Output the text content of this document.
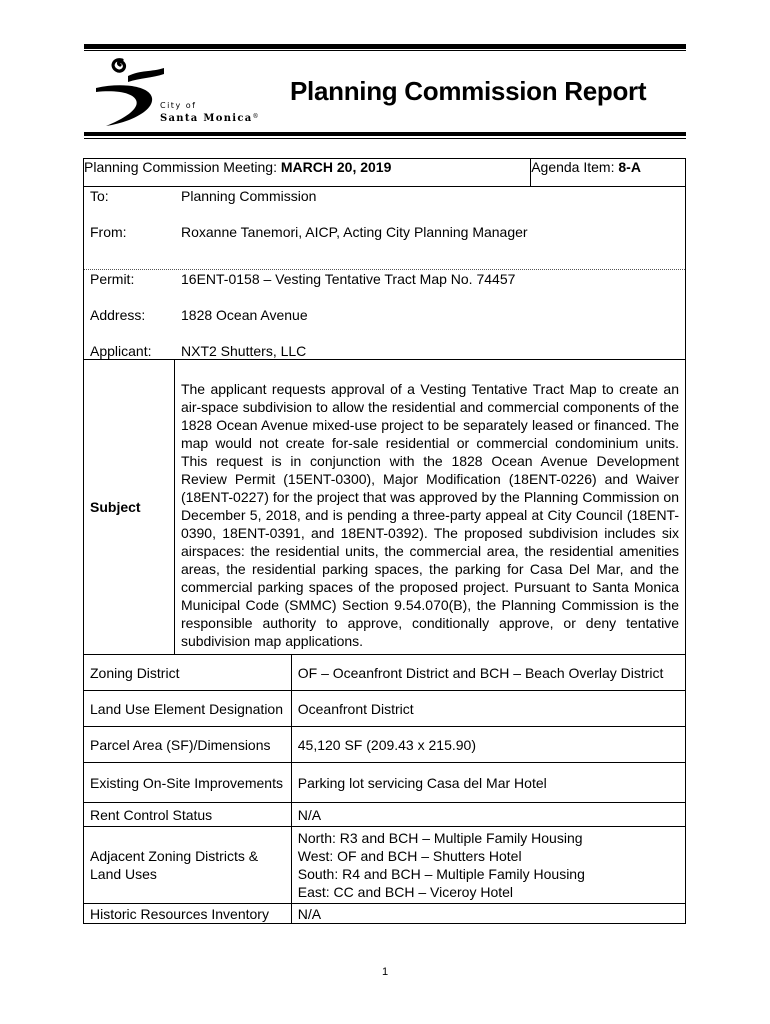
City of
Santa Monica®
Planning Commission Report
Planning Commission Meeting: MARCH 20, 2019			Agenda Item: 8-A

To: Planning Commission
From: Roxanne Tanemori, AICP, Acting City Planning Manager
Permit: 16ENT-0158 – Vesting Tentative Tract Map No. 74457
Address: 1828 Ocean Avenue
Applicant: NXT2 Shutters, LLC			

Subject	The applicant requests approval of a Vesting Tentative Tract Map to create an air-space subdivision to allow the residential and commercial components of the 1828 Ocean Avenue mixed-use project to be separately leased or financed. The map would not create for-sale residential or commercial condominium units. This request is in conjunction with the 1828 Ocean Avenue Development Review Permit (15ENT-0300), Major Modification (18ENT-0226) and Waiver (18ENT-0227) for the project that was approved by the Planning Commission on December 5, 2018, and is pending a three-party appeal at City Council (18ENT-0390, 18ENT-0391, and 18ENT-0392). The proposed subdivision includes six airspaces: the residential units, the commercial area, the residential amenities areas, the residential parking spaces, the parking for Casa Del Mar, and the commercial parking spaces of the proposed project. Pursuant to Santa Monica Municipal Code (SMMC) Section 9.54.070(B), the Planning Commission is the responsible authority to approve, conditionally approve, or deny tentative subdivision map applications.		
Zoning District		OF – Oceanfront District and BCH – Beach Overlay District	
Land Use Element Designation		Oceanfront District	
Parcel Area (SF)/Dimensions		45,120 SF (209.43 x 215.90)	
Existing On-Site Improvements		Parking lot servicing Casa del Mar Hotel	
Rent Control Status		N/A	
Adjacent Zoning Districts & Land Uses		North: R3 and BCH – Multiple Family Housing
West: OF and BCH – Shutters Hotel
South: R4 and BCH – Multiple Family Housing
East: CC and BCH – Viceroy Hotel	

Historic Resources Inventory		N/A	
1
